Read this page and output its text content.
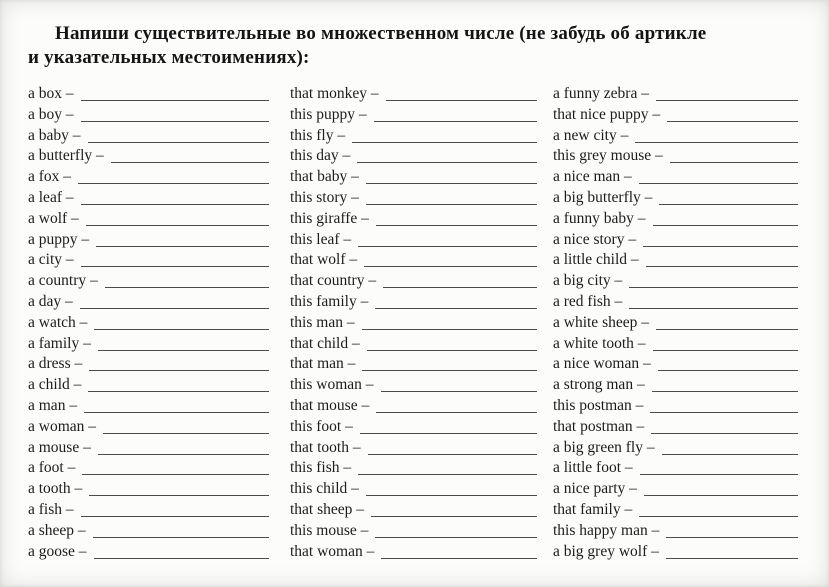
Напиши существительные во множественном числе (не забудь об артикле
и указательных местоимениях):
a box –
a boy –
a baby –
a butterfly –
a fox –
a leaf –
a wolf –
a puppy –
a city –
a country –
a day –
a watch –
a family –
a dress –
a child –
a man –
a woman –
a mouse –
a foot –
a tooth –
a fish –
a sheep –
a goose –
that monkey –
this puppy –
this fly –
this day –
that baby –
this story –
this giraffe –
this leaf –
that wolf –
that country –
this family –
this man –
that child –
that man –
this woman –
that mouse –
this foot –
that tooth –
this fish –
this child –
that sheep –
this mouse –
that woman –
a funny zebra –
that nice puppy –
a new city –
this grey mouse –
a nice man –
a big butterfly –
a funny baby –
a nice story –
a little child –
a big city –
a red fish –
a white sheep –
a white tooth –
a nice woman –
a strong man –
this postman –
that postman –
a big green fly –
a little foot –
a nice party –
that family –
this happy man –
a big grey wolf –
